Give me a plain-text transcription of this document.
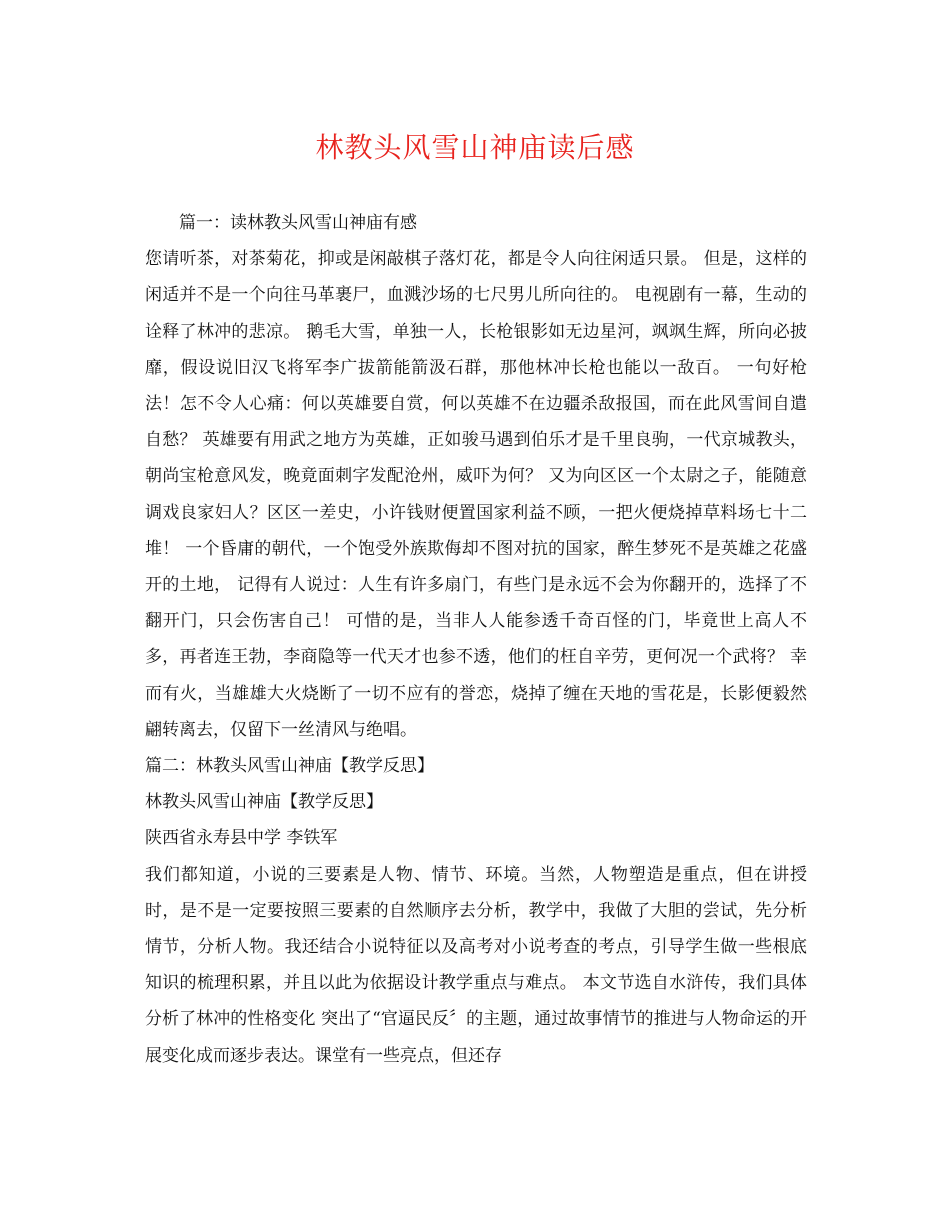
林教头风雪山神庙读后感

篇一：读林教头风雪山神庙有感

您请听茶，对茶菊花，抑或是闲敲棋子落灯花，都是令人向往闲适只景。 但是，这样的闲适并不是一个向往马革裹尸，血溅沙场的七尺男儿所向往的。 电视剧有一幕，生动的诠释了林冲的悲凉。 鹅毛大雪，单独一人，长枪银影如无边星河，飒飒生辉，所向必披靡，假设说旧汉飞将军李广拔箭能箭汲石群，那他林冲长枪也能以一敌百。 一句好枪法！怎不令人心痛：何以英雄要自赏，何以英雄不在边疆杀敌报国，而在此风雪间自遣自愁？ 英雄要有用武之地方为英雄，正如骏马遇到伯乐才是千里良驹，一代京城教头，朝尚宝枪意风发，晚竟面刺字发配沧州，威吓为何？ 又为向区区一个太尉之子，能随意调戏良家妇人？区区一差史，小许钱财便置国家利益不顾，一把火便烧掉草料场七十二堆！ 一个昏庸的朝代，一个饱受外族欺侮却不图对抗的国家，醉生梦死不是英雄之花盛开的土地， 记得有人说过：人生有许多扇门，有些门是永远不会为你翻开的，选择了不翻开门，只会伤害自己！ 可惜的是，当非人人能参透千奇百怪的门，毕竟世上高人不多，再者连王勃，李商隐等一代天才也参不透，他们的枉自辛劳，更何况一个武将？ 幸而有火，当雄雄大火烧断了一切不应有的誉恋，烧掉了缠在天地的雪花是，长影便毅然翩转离去，仅留下一丝清风与绝唱。

篇二：林教头风雪山神庙【教学反思】

林教头风雪山神庙【教学反思】

陕西省永寿县中学 李铁军

我们都知道，小说的三要素是人物、情节、环境。当然，人物塑造是重点，但在讲授时，是不是一定要按照三要素的自然顺序去分析，教学中，我做了大胆的尝试，先分析情节，分析人物。我还结合小说特征以及高考对小说考查的考点，引导学生做一些根底知识的梳理积累，并且以此为依据设计教学重点与难点。 本文节选自水浒传，我们具体分析了林冲的性格变化 突出了“官逼民反〞的主题，通过故事情节的推进与人物命运的开展变化成而逐步表达。课堂有一些亮点，但还存
